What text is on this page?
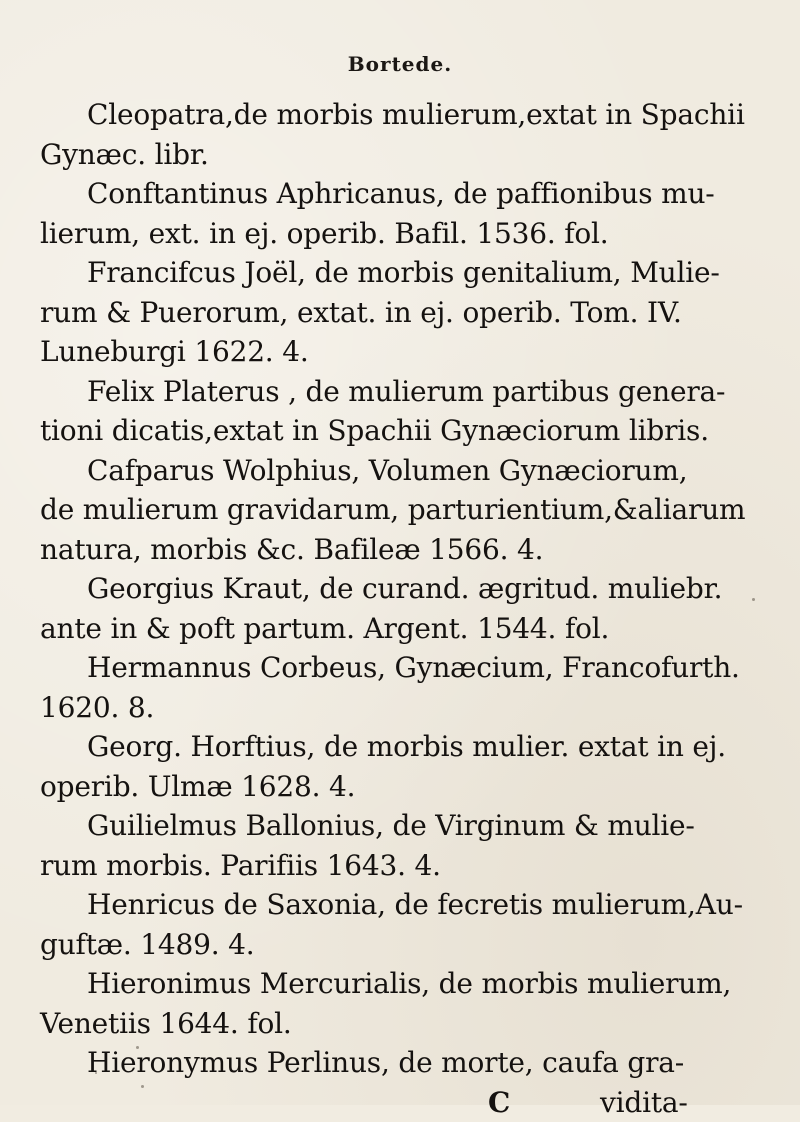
Bortede.
Cleopatra,de morbis mulierum,extat in Spachii
Gynæc. libr.
Conftantinus Aphricanus, de paffionibus mu-
lierum, ext. in ej. operib. Bafil. 1536. fol.
Francifcus Joël, de morbis genitalium, Mulie-
rum & Puerorum, extat. in ej. operib. Tom. IV.
Luneburgi 1622. 4.
Felix Platerus , de mulierum partibus genera-
tioni dicatis,extat in Spachii Gynæciorum libris.
Cafparus Wolphius, Volumen Gynæciorum,
de mulierum gravidarum, parturientium,&aliarum
natura, morbis &c. Bafileæ 1566. 4.
Georgius Kraut, de curand. ægritud. muliebr.
ante in & poft partum. Argent. 1544. fol.
Hermannus Corbeus, Gynæcium, Francofurth.
1620. 8.
Georg. Horftius, de morbis mulier. extat in ej.
operib. Ulmæ 1628. 4.
Guilielmus Ballonius, de Virginum & mulie-
rum morbis. Parifiis 1643. 4.
Henricus de Saxonia, de fecretis mulierum,Au-
guftæ. 1489. 4.
Hieronimus Mercurialis, de morbis mulierum,
Venetiis 1644. fol.
Hieronymus Perlinus, de morte, caufa gra-
C	vidita-
